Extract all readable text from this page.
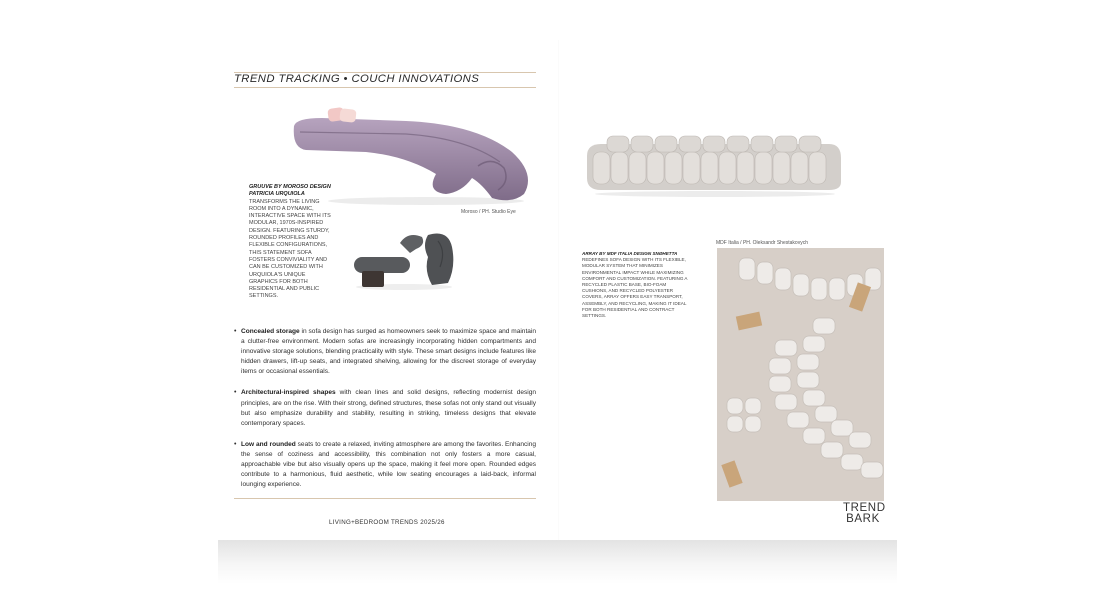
TREND TRACKING • COUCH INNOVATIONS
GRUUVE BY MOROSO DESIGN PATRICIA URQUIOLA
TRANSFORMS THE LIVING ROOM INTO A DYNAMIC, INTERACTIVE SPACE WITH ITS MODULAR, 1970S-INSPIRED DESIGN. FEATURING STURDY, ROUNDED PROFILES AND FLEXIBLE CONFIGURATIONS, THIS STATEMENT SOFA FOSTERS CONVIVIALITY AND CAN BE CUSTOMIZED WITH URQUIOLA'S UNIQUE GRAPHICS FOR BOTH RESIDENTIAL AND PUBLIC SETTINGS.
Moroso / PH. Studio Eye
MDF Italia / PH. Oleksandr Shestakovych
ARRAY BY MDF ITALIA DESIGN SNØHETTA
REDEFINES SOFA DESIGN WITH ITS FLEXIBLE, MODULAR SYSTEM THAT MINIMIZES ENVIRONMENTAL IMPACT WHILE MAXIMIZING COMFORT AND CUSTOMIZATION. FEATURING A RECYCLED PLASTIC BASE, BIO-FOAM CUSHIONS, AND RECYCLED POLYESTER COVERS, ARRAY OFFERS EASY TRANSPORT, ASSEMBLY, AND RECYCLING, MAKING IT IDEAL FOR BOTH RESIDENTIAL AND CONTRACT SETTINGS.
• Concealed storage in sofa design has surged as homeowners seek to maximize space and maintain a clutter-free environment. Modern sofas are increasingly incorporating hidden compartments and innovative storage solutions, blending practicality with style. These smart designs include features like hidden drawers, lift-up seats, and integrated shelving, allowing for the discreet storage of everyday items or occasional essentials.
• Architectural-inspired shapes with clean lines and solid designs, reflecting modernist design principles, are on the rise. With their strong, defined structures, these sofas not only stand out visually but also emphasize durability and stability, resulting in striking, timeless designs that elevate contemporary spaces.
• Low and rounded seats to create a relaxed, inviting atmosphere are among the favorites. Enhancing the sense of coziness and accessibility, this combination not only fosters a more casual, approachable vibe but also visually opens up the space, making it feel more open. Rounded edges contribute to a harmonious, fluid aesthetic, while low seating encourages a laid-back, informal lounging experience.
LIVING+BEDROOM TRENDS 2025/26
TREND
BARK
